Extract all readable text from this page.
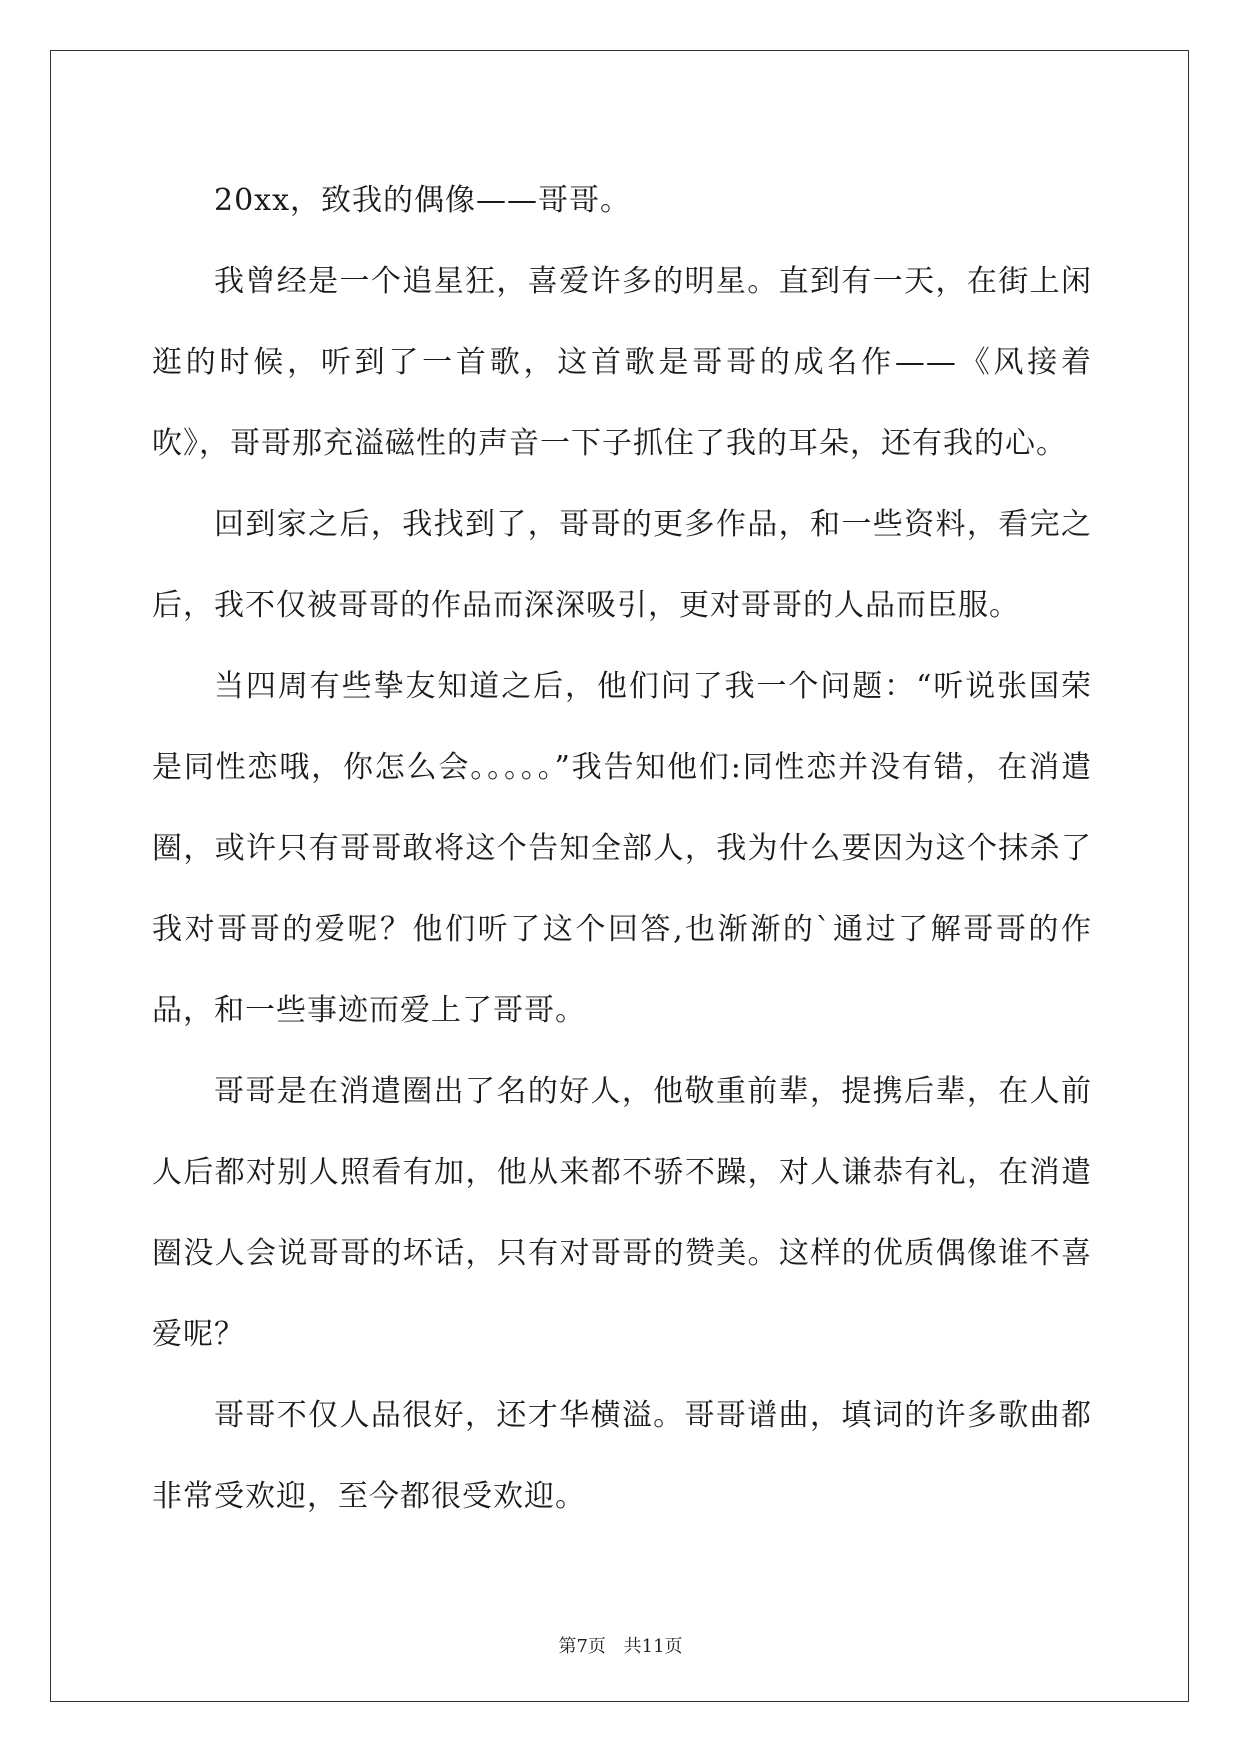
20xx，致我的偶像——哥哥。

我曾经是一个追星狂，喜爱许多的明星。直到有一天，在街上闲逛的时候，听到了一首歌，这首歌是哥哥的成名作——《风接着吹》，哥哥那充溢磁性的声音一下子抓住了我的耳朵，还有我的心。

回到家之后，我找到了，哥哥的更多作品，和一些资料，看完之后，我不仅被哥哥的作品而深深吸引，更对哥哥的人品而臣服。

当四周有些挚友知道之后，他们问了我一个问题：“听说张国荣是同性恋哦，你怎么会。。。。。”我告知他们:同性恋并没有错，在消遣圈，或许只有哥哥敢将这个告知全部人，我为什么要因为这个抹杀了我对哥哥的爱呢？他们听了这个回答,也渐渐的`通过了解哥哥的作品，和一些事迹而爱上了哥哥。

哥哥是在消遣圈出了名的好人，他敬重前辈，提携后辈，在人前人后都对别人照看有加，他从来都不骄不躁，对人谦恭有礼，在消遣圈没人会说哥哥的坏话，只有对哥哥的赞美。这样的优质偶像谁不喜爱呢？

哥哥不仅人品很好，还才华横溢。哥哥谱曲，填词的许多歌曲都非常受欢迎，至今都很受欢迎。

第7页 共11页
